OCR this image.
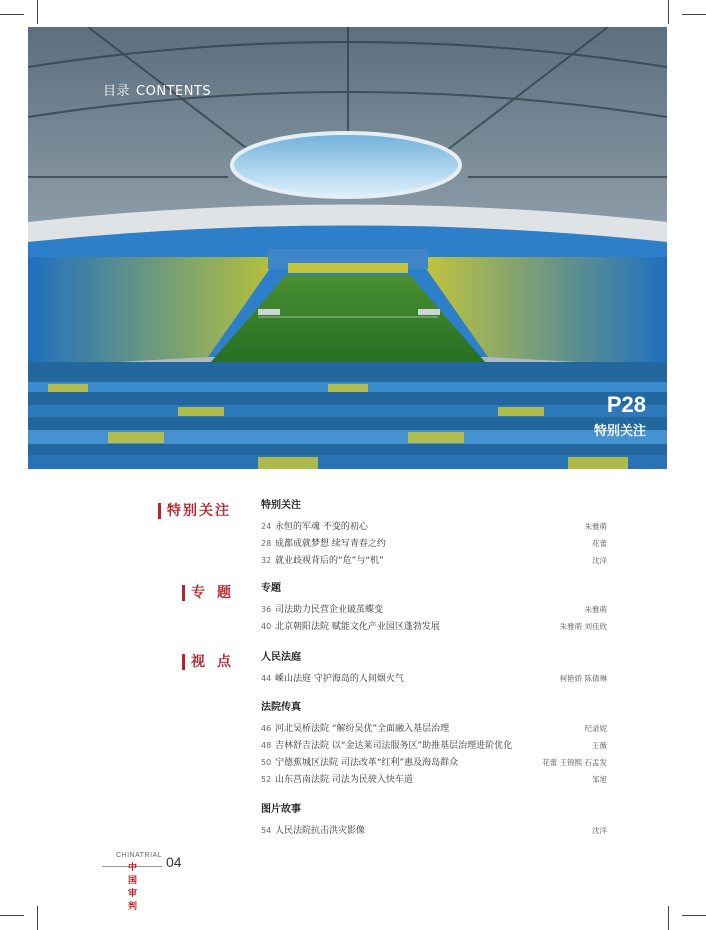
目录 CONTENTS
P28
特别关注
特别关注
专题
视点
特别关注
24 永恒的军魂 不变的初心	朱雅萌
28 成都成就梦想 续写青春之约	花蕾
32 就业歧视背后的“危”与“机”	沈洋
专题
36 司法助力民营企业破茧蝶变	朱雅萌
40 北京朝阳法院 赋能文化产业园区蓬勃发展	朱雅萌 刘佳欣
人民法庭
44 嵊山法庭 守护海岛的人间烟火气	柯艳娇 陈倩琳
法院传真
46 河北吴桥法院 “解纷吴优”全面融入基层治理	纪录妮
48 吉林舒吉法院 以“金达莱司法服务区”助推基层治理进阶优化	王薇
50 宁德蕉城区法院 司法改革“红利”惠及海岛群众	花蕾 王锦熙 石孟发
52 山东莒南法院 司法为民驶入快车道	邹旭
图片故事
54 人民法院抗击洪灾影像	沈洋
CHINATRIAL
中国审判
04
